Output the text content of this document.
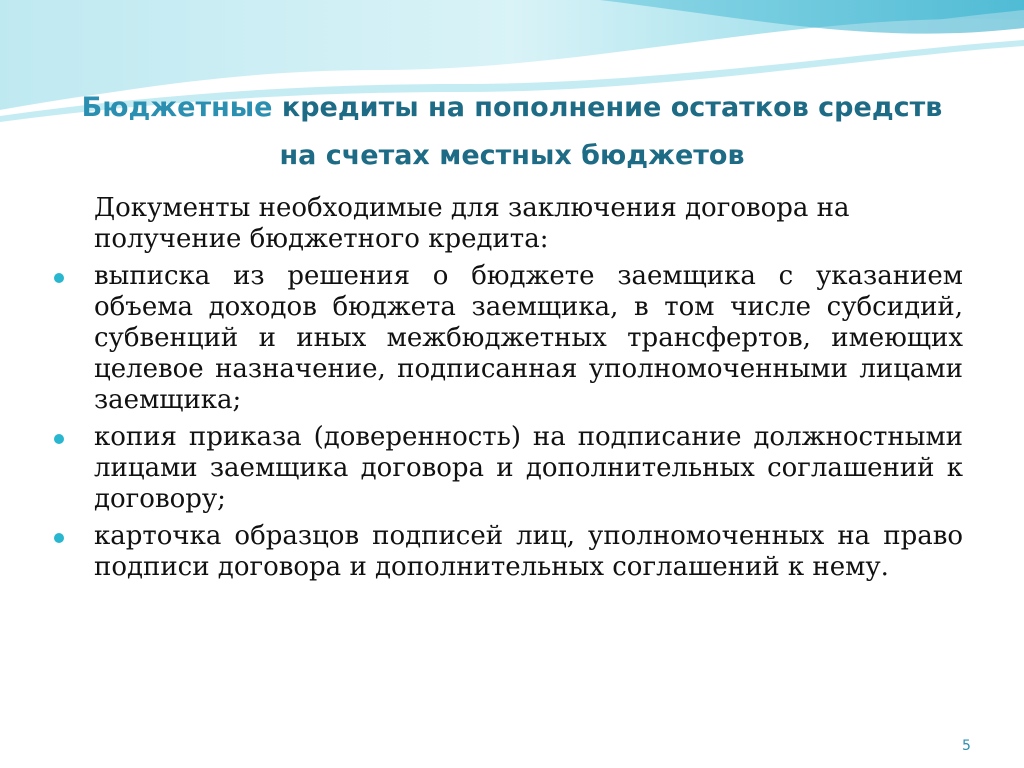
Бюджетные кредиты на пополнение остатков средств на счетах местных бюджетов

Документы необходимые для заключения договора на получение бюджетного кредита:

выписка из решения о бюджете заемщика с указанием объема доходов бюджета заемщика, в том числе субсидий, субвенций и иных межбюджетных трансфертов, имеющих целевое назначение, подписанная уполномоченными лицами заемщика;
копия приказа (доверенность) на подписание должностными лицами заемщика договора и дополнительных соглашений к договору;
карточка образцов подписей лиц, уполномоченных на право подписи договора и дополнительных соглашений к нему.
5
